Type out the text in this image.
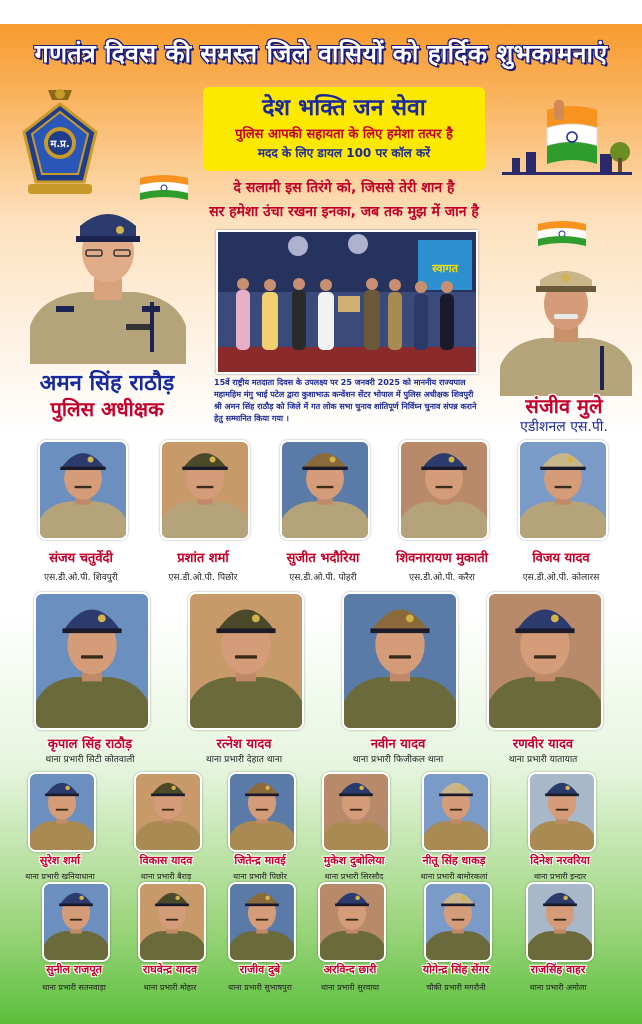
गणतंत्र दिवस की समस्त जिले वासियों को हार्दिक शुभकामनाएं
म.प्र.
देश भक्ति जन सेवा
पुलिस आपकी सहायता के लिए हमेशा तत्पर है
मदद के लिए डायल 100 पर कॉल करें
दे सलामी इस तिरंगे को, जिससे तेरी शान है
सर हमेशा उंचा रखना इनका, जब तक मुझ में जान है
स्वागत
15वें राष्ट्रीय मतदाता दिवस के उपलक्ष्य पर 25 जनवरी 2025 को माननीय राज्यपाल महामहिम मंगु भाई पटेल द्वारा कुशाभाऊ कन्वेंशन सेंटर भोपाल में पुलिस अधीक्षक शिवपुरी श्री अमन सिंह राठौड़ को जिले में गत लोक सभा चुनाव शांतिपूर्ण निर्विघ्न चुनाव संपन्न कराने हेतु सम्मानित किया गया ।
अमन सिंह राठौड़
पुलिस अधीक्षक	संजीव मुले
एडीशनल एस.पी.
संजय चतुर्वेदी
एस.डी.ओ.पी. शिवपुरी
प्रशांत शर्मा
एस.डी.ओ.पी. पिछोर
सुजीत भदौरिया
एस.डी.ओ.पी. पोहरी
शिवनारायण मुकाती
एस.डी.ओ.पी. करैरा
विजय यादव
एस.डी.ओ.पी. कोलारस
कृपाल सिंह राठौड़
थाना प्रभारी सिटी कोतवाली
रत्नेश यादव
थाना प्रभारी देहात थाना
नवीन यादव
थाना प्रभारी फिजीकल थाना
रणवीर यादव
थाना प्रभारी यातायात
सुरेश शर्मा
थाना प्रभारी खनियाधाना
विकास यादव
थाना प्रभारी बैराड़
जितेन्द्र मावई
थाना प्रभारी पिछोर
मुकेश दुबोलिया
थाना प्रभारी सिरसौद
नीतू सिंह धाकड़
थाना प्रभारी बामोरकलां
दिनेश नरवरिया
थाना प्रभारी इन्दार
सुनील राजपूत
थाना प्रभारी सतनवाड़ा
राघवेन्द्र यादव
थाना प्रभारी मोहार
राजीव दुबे
थाना प्रभारी सुभाषपुरा
अरविन्द छारी
थाना प्रभारी सुरवाया
योगेन्द्र सिंह सेंगर
चौकी प्रभारी मगरौनी
राजसिंह वाहर
थाना प्रभारी अमोला
